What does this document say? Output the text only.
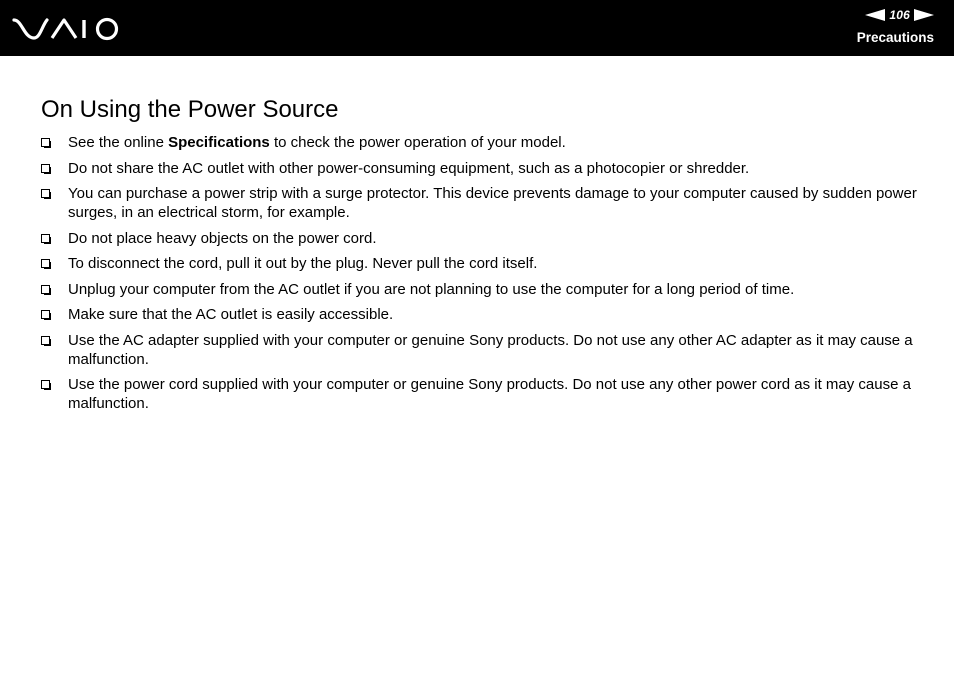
106
Precautions
On Using the Power Source
See the online Specifications to check the power operation of your model.
Do not share the AC outlet with other power-consuming equipment, such as a photocopier or shredder.
You can purchase a power strip with a surge protector. This device prevents damage to your computer caused by sudden power surges, in an electrical storm, for example.
Do not place heavy objects on the power cord.
To disconnect the cord, pull it out by the plug. Never pull the cord itself.
Unplug your computer from the AC outlet if you are not planning to use the computer for a long period of time.
Make sure that the AC outlet is easily accessible.
Use the AC adapter supplied with your computer or genuine Sony products. Do not use any other AC adapter as it may cause a malfunction.
Use the power cord supplied with your computer or genuine Sony products. Do not use any other power cord as it may cause a malfunction.
